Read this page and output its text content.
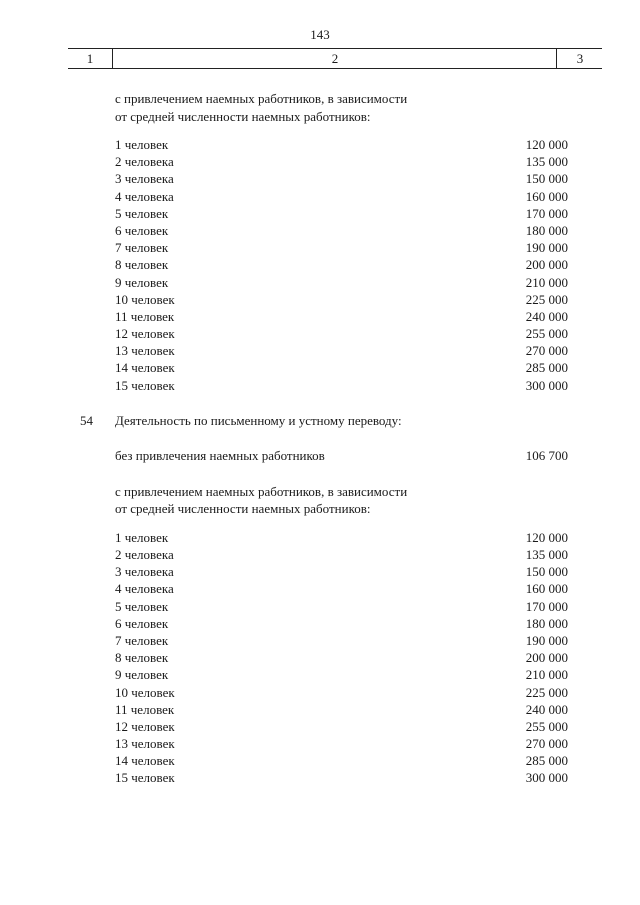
143
1	2	3
с привлечением наемных работников, в зависимости
от средней численности наемных работников:
1 человек	120 000
2 человека	135 000
3 человека	150 000
4 человека	160 000
5 человек	170 000
6 человек	180 000
7 человек	190 000
8 человек	200 000
9 человек	210 000
10 человек	225 000
11 человек	240 000
12 человек	255 000
13 человек	270 000
14 человек	285 000
15 человек	300 000
54 Деятельность по письменному и устному переводу:
без привлечения наемных работников	106 700
с привлечением наемных работников, в зависимости
от средней численности наемных работников:
1 человек	120 000
2 человека	135 000
3 человека	150 000
4 человека	160 000
5 человек	170 000
6 человек	180 000
7 человек	190 000
8 человек	200 000
9 человек	210 000
10 человек	225 000
11 человек	240 000
12 человек	255 000
13 человек	270 000
14 человек	285 000
15 человек	300 000
